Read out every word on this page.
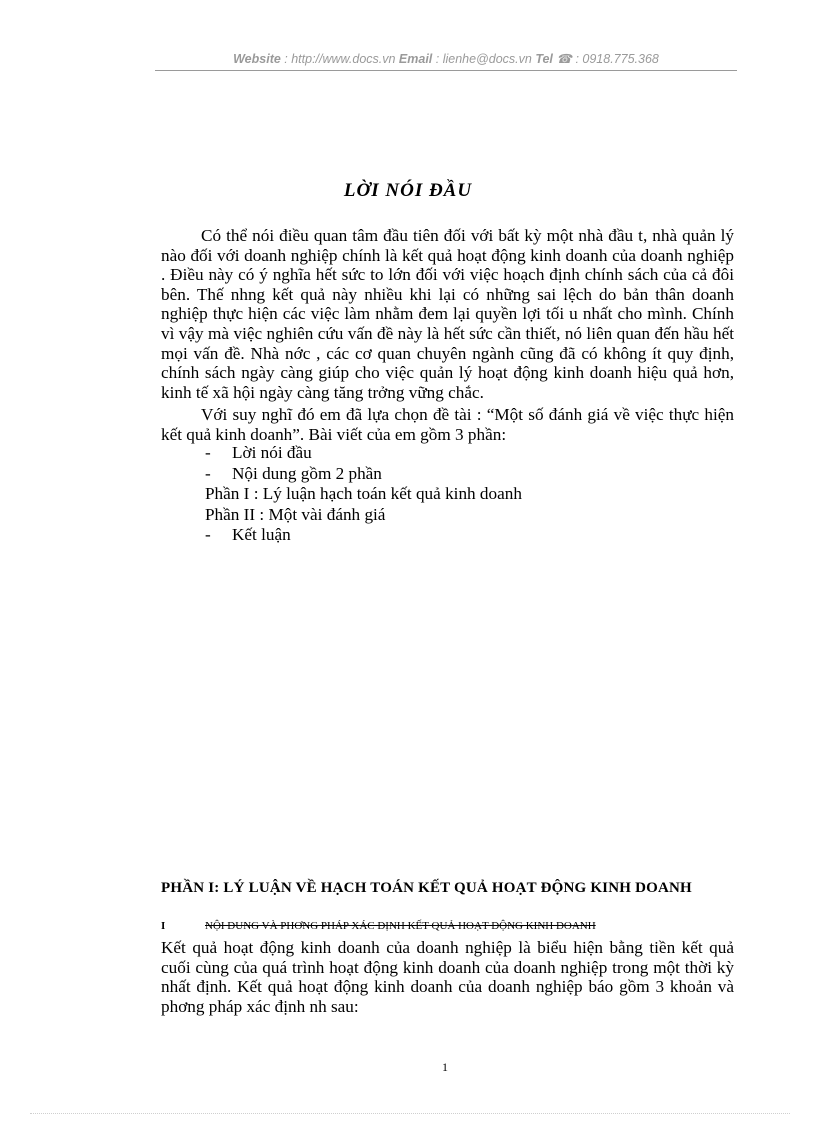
Website : http://www.docs.vn Email : lienhe@docs.vn Tel ☎ : 0918.775.368
LỜI NÓI ĐẦU
Có thể nói điều quan tâm đầu tiên đối với bất kỳ một nhà đầu t, nhà quản lý nào đối với doanh nghiệp chính là kết quả hoạt động kinh doanh của doanh nghiệp . Điều này có ý nghĩa hết sức to lớn đối với việc hoạch định chính sách của cả đôi bên. Thế nhng kết quả này nhiều khi lại có những sai lệch do bản thân doanh nghiệp thực hiện các việc làm nhằm đem lại quyền lợi tối u nhất cho mình. Chính vì vậy mà việc nghiên cứu vấn đề này là hết sức cần thiết, nó liên quan đến hầu hết mọi vấn đề. Nhà nớc , các cơ quan chuyên ngành cũng đã có không ít quy định, chính sách ngày càng giúp cho việc quản lý hoạt động kinh doanh hiệu quả hơn, kinh tế xã hội ngày càng tăng trởng vững chắc.
Với suy nghĩ đó em đã lựa chọn đề tài : “Một số đánh giá về việc thực hiện kết quả kinh doanh”. Bài viết của em gồm 3 phần:
- Lời nói đầu
- Nội dung gồm 2 phần
Phần I : Lý luận hạch toán kết quả kinh doanh
Phần II : Một vài đánh giá
- Kết luận
PHẦN I: LÝ LUẬN VỀ HẠCH TOÁN KẾT QUẢ HOẠT ĐỘNG KINH DOANH
I	NỘI DUNG VÀ PHƠNG PHÁP XÁC ĐỊNH KẾT QUẢ HOẠT ĐỘNG KINH DOANH
Kết quả hoạt động kinh doanh của doanh nghiệp là biểu hiện bằng tiền kết quả cuối cùng của quá trình hoạt động kinh doanh của doanh nghiệp trong một thời kỳ nhất định. Kết quả hoạt động kinh doanh của doanh nghiệp báo gồm 3 khoản và phơng pháp xác định nh sau:
1
